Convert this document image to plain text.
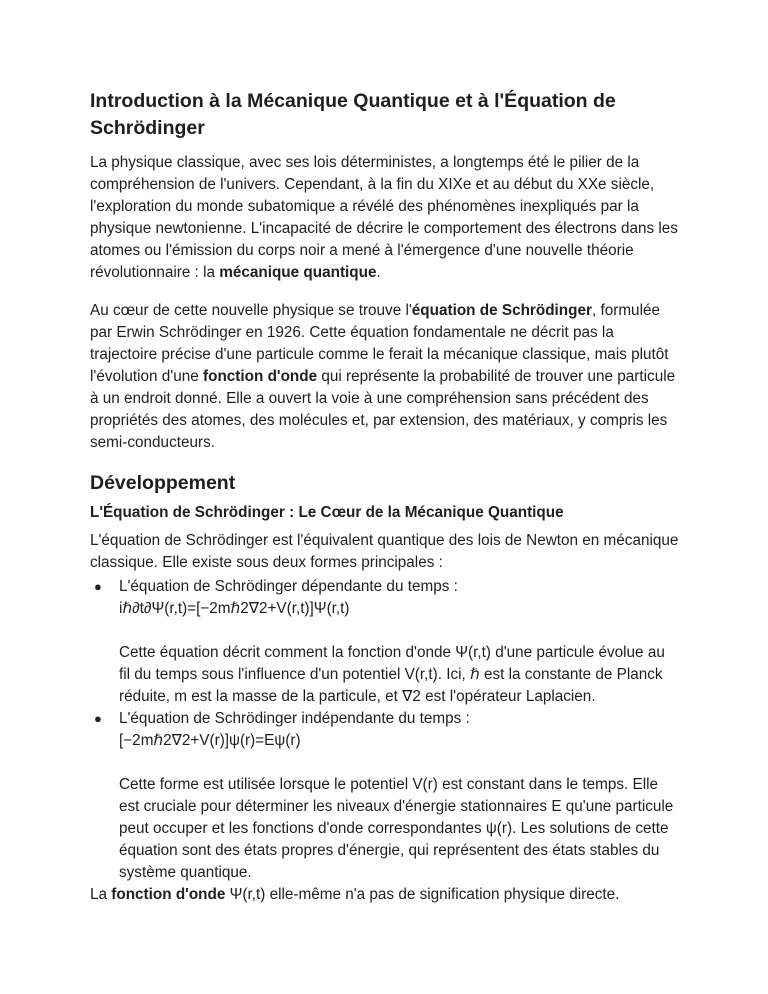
Introduction à la Mécanique Quantique et à l'Équation de Schrödinger

La physique classique, avec ses lois déterministes, a longtemps été le pilier de la compréhension de l'univers. Cependant, à la fin du XIXe et au début du XXe siècle, l'exploration du monde subatomique a révélé des phénomènes inexpliqués par la physique newtonienne. L'incapacité de décrire le comportement des électrons dans les atomes ou l'émission du corps noir a mené à l'émergence d'une nouvelle théorie révolutionnaire : la mécanique quantique.

Au cœur de cette nouvelle physique se trouve l'équation de Schrödinger, formulée par Erwin Schrödinger en 1926. Cette équation fondamentale ne décrit pas la trajectoire précise d'une particule comme le ferait la mécanique classique, mais plutôt l'évolution d'une fonction d'onde qui représente la probabilité de trouver une particule à un endroit donné. Elle a ouvert la voie à une compréhension sans précédent des propriétés des atomes, des molécules et, par extension, des matériaux, y compris les semi-conducteurs.

Développement
L'Équation de Schrödinger : Le Cœur de la Mécanique Quantique

L'équation de Schrödinger est l'équivalent quantique des lois de Newton en mécanique classique. Elle existe sous deux formes principales :

● L'équation de Schrödinger dépendante du temps :
iℏ∂t∂Ψ(r,t)=[−2mℏ2∇2+V(r,t)]Ψ(r,t)
Cette équation décrit comment la fonction d'onde Ψ(r,t) d'une particule évolue au fil du temps sous l'influence d'un potentiel V(r,t). Ici, ℏ est la constante de Planck réduite, m est la masse de la particule, et ∇2 est l'opérateur Laplacien.
● L'équation de Schrödinger indépendante du temps :
[−2mℏ2∇2+V(r)]ψ(r)=Eψ(r)
Cette forme est utilisée lorsque le potentiel V(r) est constant dans le temps. Elle est cruciale pour déterminer les niveaux d'énergie stationnaires E qu'une particule peut occuper et les fonctions d'onde correspondantes ψ(r). Les solutions de cette équation sont des états propres d'énergie, qui représentent des états stables du système quantique.

La fonction d'onde Ψ(r,t) elle-même n'a pas de signification physique directe.
